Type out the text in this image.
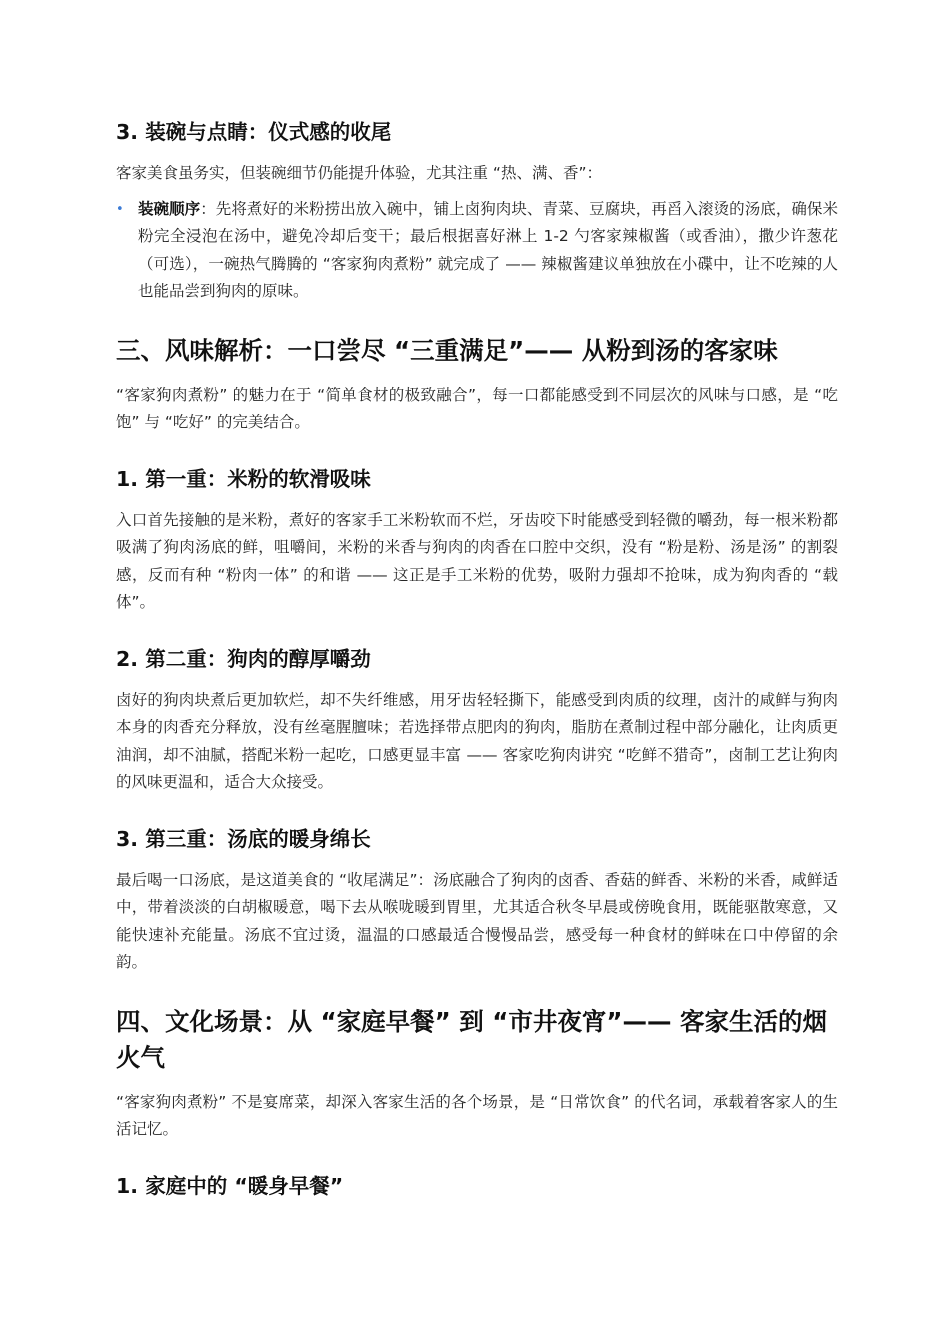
3. 装碗与点睛：仪式感的收尾

客家美食虽务实，但装碗细节仍能提升体验，尤其注重 “热、满、香”：

• 装碗顺序：先将煮好的米粉捞出放入碗中，铺上卤狗肉块、青菜、豆腐块，再舀入滚烫的汤底，确保米粉完全浸泡在汤中，避免冷却后变干；最后根据喜好淋上 1-2 勺客家辣椒酱（或香油），撒少许葱花（可选），一碗热气腾腾的 “客家狗肉煮粉” 就完成了 —— 辣椒酱建议单独放在小碟中，让不吃辣的人也能品尝到狗肉的原味。

三、风味解析：一口尝尽 “三重满足”—— 从粉到汤的客家味

“客家狗肉煮粉” 的魅力在于 “简单食材的极致融合”，每一口都能感受到不同层次的风味与口感，是 “吃饱” 与 “吃好” 的完美结合。

1. 第一重：米粉的软滑吸味

入口首先接触的是米粉，煮好的客家手工米粉软而不烂，牙齿咬下时能感受到轻微的嚼劲，每一根米粉都吸满了狗肉汤底的鲜，咀嚼间，米粉的米香与狗肉的肉香在口腔中交织，没有 “粉是粉、汤是汤” 的割裂感，反而有种 “粉肉一体” 的和谐 —— 这正是手工米粉的优势，吸附力强却不抢味，成为狗肉香的 “载体”。

2. 第二重：狗肉的醇厚嚼劲

卤好的狗肉块煮后更加软烂，却不失纤维感，用牙齿轻轻撕下，能感受到肉质的纹理，卤汁的咸鲜与狗肉本身的肉香充分释放，没有丝毫腥膻味；若选择带点肥肉的狗肉，脂肪在煮制过程中部分融化，让肉质更油润，却不油腻，搭配米粉一起吃，口感更显丰富 —— 客家吃狗肉讲究 “吃鲜不猎奇”，卤制工艺让狗肉的风味更温和，适合大众接受。

3. 第三重：汤底的暖身绵长

最后喝一口汤底，是这道美食的 “收尾满足”：汤底融合了狗肉的卤香、香菇的鲜香、米粉的米香，咸鲜适中，带着淡淡的白胡椒暖意，喝下去从喉咙暖到胃里，尤其适合秋冬早晨或傍晚食用，既能驱散寒意，又能快速补充能量。汤底不宜过烫，温温的口感最适合慢慢品尝，感受每一种食材的鲜味在口中停留的余韵。

四、文化场景：从 “家庭早餐” 到 “市井夜宵”—— 客家生活的烟火气

“客家狗肉煮粉” 不是宴席菜，却深入客家生活的各个场景，是 “日常饮食” 的代名词，承载着客家人的生活记忆。

1. 家庭中的 “暖身早餐”
